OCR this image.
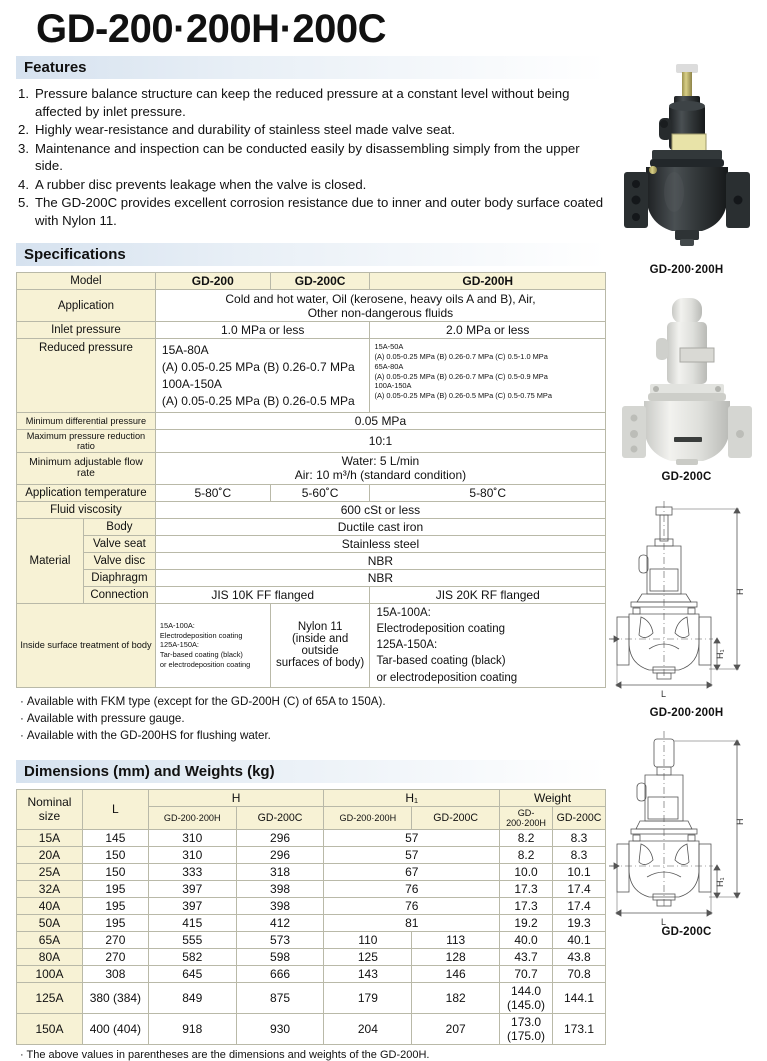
GD-200·200H·200C
Features
1. Pressure balance structure can keep the reduced pressure at a constant level without being affected by inlet pressure.
2. Highly wear-resistance and durability of stainless steel made valve seat.
3. Maintenance and inspection can be conducted easily by disassembling simply from the upper side.
4. A rubber disc prevents leakage when the valve is closed.
5. The GD-200C provides excellent corrosion resistance due to inner and outer body surface coated with Nylon 11.
Specifications
Model		GD-200	GD-200C	GD-200H
Application		Cold and hot water, Oil (kerosene, heavy oils A and B), Air,
Other non-dangerous fluids		

Inlet pressure		1.0 MPa or less		2.0 MPa or less
Reduced pressure	15A-80A
(A) 0.05-0.25 MPa (B) 0.26-0.7 MPa
100A-150A
(A) 0.05-0.25 MPa (B) 0.26-0.5 MPa

15A-50A
(A) 0.05-0.25 MPa (B) 0.26-0.7 MPa (C) 0.5-1.0 MPa
65A-80A
(A) 0.05-0.25 MPa (B) 0.26-0.7 MPa (C) 0.5-0.9 MPa
100A-150A
(A) 0.05-0.25 MPa (B) 0.26-0.5 MPa (C) 0.5-0.75 MPa

Minimum differential pressure		0.05 MPa		
Maximum pressure reduction ratio		10:1		
Minimum adjustable flow rate		Water: 5 L/min
Air: 10 m³/h (standard condition)		

Application temperature		5-80˚C	5-60˚C	5-80˚C
Fluid viscosity		600 cSt or less		
Material	Body	Ductile cast iron		
	Valve seat	Stainless steel		
	Valve disc	NBR		
	Diaphragm	NBR		
	Connection	JIS 10K FF flanged		JIS 20K RF flanged
Inside surface treatment of body	
15A-100A:
Electrodeposition coating
125A-150A:
Tar-based coating (black)
or electrodeposition coating

Nylon 11
(inside and outside
surfaces of body)

15A-100A:
Electrodeposition coating
125A-150A:
Tar-based coating (black)
or electrodeposition coating
· Available with FKM type (except for the GD-200H (C) of 65A to 150A).
· Available with pressure gauge.
· Available with the GD-200HS for flushing water.
Dimensions (mm) and Weights (kg)
Nominal
size	L	H		H₁		Weight	
		GD-200·200H	GD-200C	GD-200·200H	GD-200C	GD-200·200H	GD-200C
15A	145	310	296	57		8.2	8.3
20A	150	310	296	57		8.2	8.3
25A	150	333	318	67		10.0	10.1
32A	195	397	398	76		17.3	17.4
40A	195	397	398	76		17.3	17.4
50A	195	415	412	81		19.2	19.3
65A	270	555	573	110	113	40.0	40.1
80A	270	582	598	125	128	43.7	43.8
100A	308	645	666	143	146	70.7	70.8
125A	380 (384)	849	875	179	182	144.0 (145.0)	144.1
150A	400 (404)	918	930	204	207	173.0 (175.0)	173.1
· The above values in parentheses are the dimensions and weights of the GD-200H.
GD-200·200H
GD-200C
H
H₁
L
GD-200·200H
H
H₁
L
GD-200C
